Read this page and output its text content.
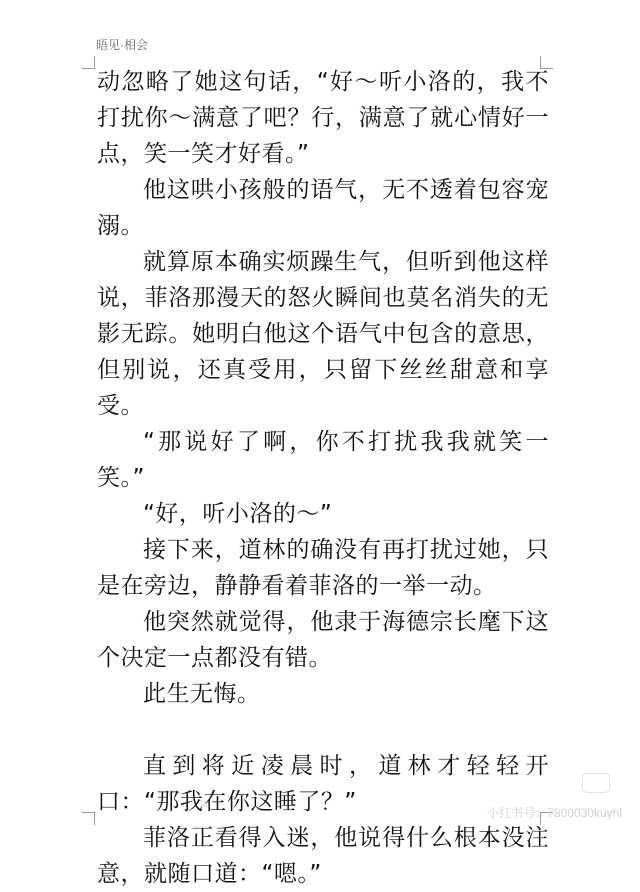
晤见·相会

动忽略了她这句话，“好～听小洛的，我不打扰你～满意了吧？行，满意了就心情好一点，笑一笑才好看。”

他这哄小孩般的语气，无不透着包容宠溺。

就算原本确实烦躁生气，但听到他这样说，菲洛那漫天的怒火瞬间也莫名消失的无影无踪。她明白他这个语气中包含的意思，但别说，还真受用，只留下丝丝甜意和享受。

“那说好了啊，你不打扰我我就笑一笑。”

“好，听小洛的～”

接下来，道林的确没有再打扰过她，只是在旁边，静静看着菲洛的一举一动。

他突然就觉得，他隶于海德宗长麾下这个决定一点都没有错。

此生无悔。

直到将近凌晨时，道林才轻轻开口：“那我在你这睡了？”

菲洛正看得入迷，他说得什么根本没注意，就随口道：“嗯。”

小红书号：7800030kuyhl
